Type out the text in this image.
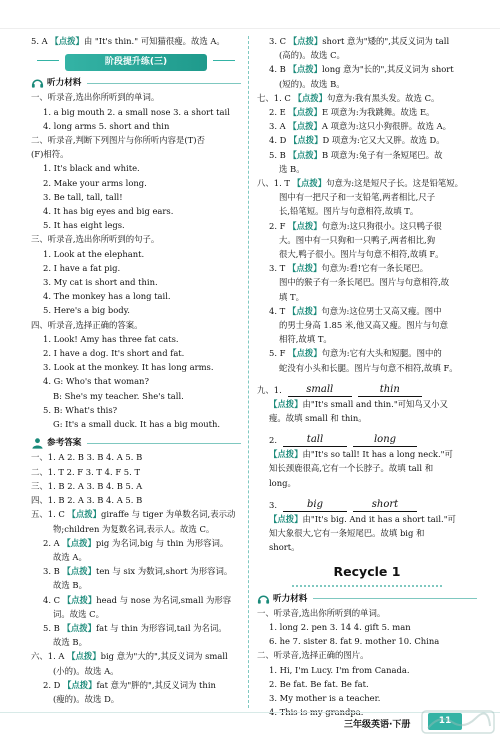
5. A 【点拨】由 "It's thin." 可知猫很瘦。故选 A。
阶段提升练(三)
听力材料
一、听录音,选出你所听到的单词。
1. a big mouth 2. a small nose 3. a short tail
4. long arms 5. short and thin
二、听录音,判断下列图片与你所听内容是(T)否
(F)相符。
1. It's black and white.
2. Make your arms long.
3. Be tall, tall, tall!
4. It has big eyes and big ears.
5. It has eight legs.
三、听录音,选出你所听到的句子。
1. Look at the elephant.
2. I have a fat pig.
3. My cat is short and thin.
4. The monkey has a long tail.
5. Here's a big body.
四、听录音,选择正确的答案。
1. Look! Amy has three fat cats.
2. I have a dog. It's short and fat.
3. Look at the monkey. It has long arms.
4. G: Who's that woman?
B: She's my teacher. She's tall.
5. B: What's this?
G: It's a small duck. It has a big mouth.
参考答案
一、1. A 2. B 3. B 4. A 5. B
二、1. T 2. F 3. T 4. F 5. T
三、1. B 2. A 3. B 4. B 5. A
四、1. B 2. A 3. B 4. A 5. B
五、1. C 【点拨】giraffe 与 tiger 为单数名词,表示动
物;children 为复数名词,表示人。故选 C。
2. A 【点拨】pig 为名词,big 与 thin 为形容词。
故选 A。
3. B 【点拨】ten 与 six 为数词,short 为形容词。
故选 B。
4. C 【点拨】head 与 nose 为名词,small 为形容
词。故选 C。
5. B 【点拨】fat 与 thin 为形容词,tail 为名词。
故选 B。
六、1. A 【点拨】big 意为"大的",其反义词为 small
(小的)。故选 A。
2. D 【点拨】fat 意为"胖的",其反义词为 thin
(瘦的)。故选 D。
3. C 【点拨】short 意为"矮的",其反义词为 tall
(高的)。故选 C。
4. B 【点拨】long 意为"长的",其反义词为 short
(短的)。故选 B。
七、1. C 【点拨】句意为:我有黑头发。故选 C。
2. E 【点拨】E 项意为:为我跳舞。故选 E。
3. A 【点拨】A 项意为:这只小狗很胖。故选 A。
4. D 【点拨】D 项意为:它又大又胖。故选 D。
5. B 【点拨】B 项意为:兔子有一条短尾巴。故
选 B。
八、1. T 【点拨】句意为:这是短尺子长。这是铅笔短。
图中有一把尺子和一支铅笔,两者相比,尺子
长,铅笔短。图片与句意相符,故填 T。
2. F 【点拨】句意为:这只狗很小。这只鸭子很
大。图中有一只狗和一只鸭子,两者相比,狗
很大,鸭子很小。图片与句意不相符,故填 F。
3. T 【点拨】句意为:看!它有一条长尾巴。
图中的猴子有一条长尾巴。图片与句意相符,故
填 T。
4. T 【点拨】句意为:这位男士又高又瘦。图中
的男士身高 1.85 米,他又高又瘦。图片与句意
相符,故填 T。
5. F 【点拨】句意为:它有大头和短腿。图中的
蛇没有小头和长腿。图片与句意不相符,故填 F。
九、1.	small	thin
【点拨】由"It's small and thin."可知鸟又小又
瘦。故填 small 和 thin。
2.	tall	long
【点拨】由"It's so tall! It has a long neck."可
知长颈鹿很高,它有一个长脖子。故填 tall 和
long。
3.	big	short
【点拨】由"It's big. And it has a short tail."可
知大象很大,它有一条短尾巴。故填 big 和
short。
Recycle 1
听力材料
一、听录音,选出你所听到的单词。
1. long 2. pen 3. 14 4. gift 5. man
6. he 7. sister 8. fat 9. mother 10. China
二、听录音,选择正确的图片。
1. Hi, I'm Lucy. I'm from Canada.
2. Be fat. Be fat. Be fat.
3. My mother is a teacher.
4. This is my grandpa.
三年级英语·下册	11
